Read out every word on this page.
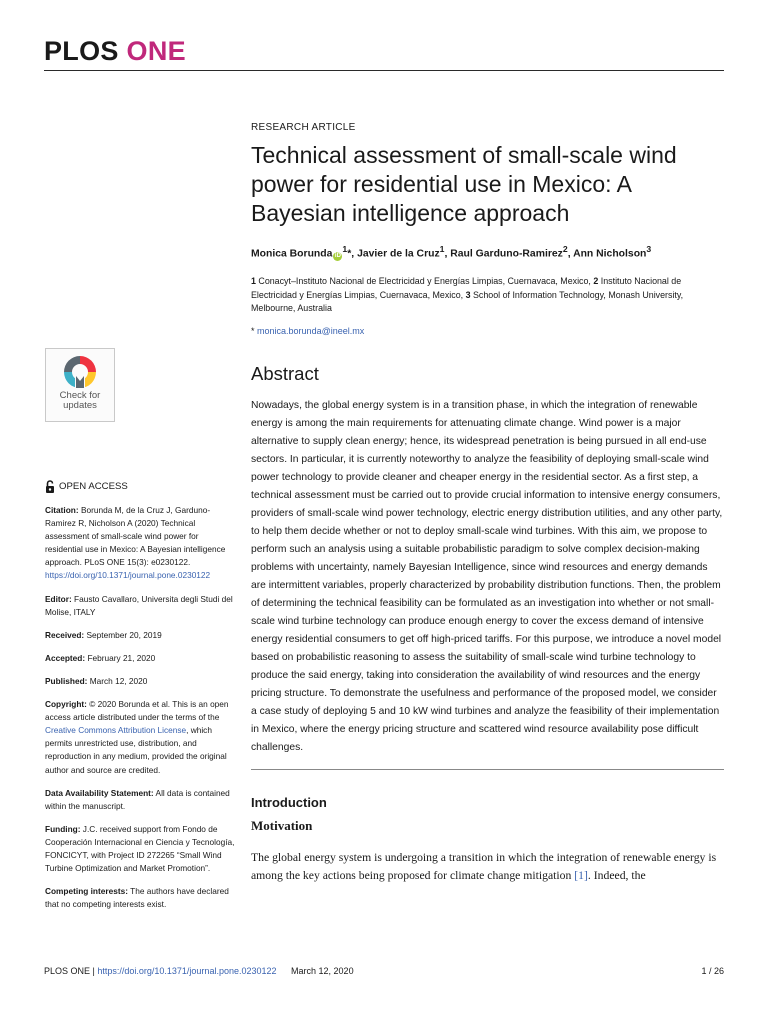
PLOS ONE
RESEARCH ARTICLE
Technical assessment of small-scale wind power for residential use in Mexico: A Bayesian intelligence approach
Monica Borunda $iD^1*$, Javier de la Cruz$^1$, Raul Garduno-Ramirez$^2$, Ann Nicholson$^3$
1 Conacyt–Instituto Nacional de Electricidad y Energías Limpias, Cuernavaca, Mexico, 2 Instituto Nacional de Electricidad y Energías Limpias, Cuernavaca, Mexico, 3 School of Information Technology, Monash University, Melbourne, Australia
* monica.borunda@ineel.mx
Abstract

Nowadays, the global energy system is in a transition phase, in which the integration of renewable energy is among the main requirements for attenuating climate change. Wind power is a major alternative to supply clean energy; hence, its widespread penetration is being pursued in all end-use sectors. In particular, it is currently noteworthy to analyze the feasibility of deploying small-scale wind power technology to provide cleaner and cheaper energy in the residential sector. As a first step, a technical assessment must be carried out to provide crucial information to intensive energy consumers, providers of small-scale wind power technology, electric energy distribution utilities, and any other party, to help them decide whether or not to deploy small-scale wind turbines. With this aim, we propose to perform such an analysis using a suitable probabilistic paradigm to solve complex decision-making problems with uncertainty, namely Bayesian Intelligence, since wind resources and energy demands are intermittent variables, properly characterized by probability distribution functions. Then, the problem of determining the technical feasibility can be formulated as an investigation into whether or not small-scale wind turbine technology can produce enough energy to cover the excess demand of intensive energy residential consumers to get off high-priced tariffs. For this purpose, we introduce a novel model based on probabilistic reasoning to assess the suitability of small-scale wind turbine technology to produce the said energy, taking into consideration the availability of wind resources and the energy pricing structure. To demonstrate the usefulness and performance of the proposed model, we consider a case study of deploying 5 and 10 kW wind turbines and analyze the feasibility of their implementation in Mexico, where the energy pricing structure and scattered wind resource availability pose difficult challenges.

Introduction
Motivation

The global energy system is undergoing a transition in which the integration of renewable energy is among the key actions being proposed for climate change mitigation [1]. Indeed, the

Check for
updates
OPEN ACCESS
Citation: Borunda M, de la Cruz J, Garduno-Ramirez R, Nicholson A (2020) Technical assessment of small-scale wind power for residential use in Mexico: A Bayesian intelligence approach. PLoS ONE 15(3): e0230122. https://doi.org/10.1371/journal.pone.0230122
Editor: Fausto Cavallaro, Universita degli Studi del Molise, ITALY
Received: September 20, 2019
Accepted: February 21, 2020
Published: March 12, 2020
Copyright: © 2020 Borunda et al. This is an open access article distributed under the terms of the Creative Commons Attribution License, which permits unrestricted use, distribution, and reproduction in any medium, provided the original author and source are credited.
Data Availability Statement: All data is contained within the manuscript.
Funding: J.C. received support from Fondo de Cooperación Internacional en Ciencia y Tecnología, FONCICYT, with Project ID 272265 “Small Wind Turbine Optimization and Market Promotion”.
Competing interests: The authors have declared that no competing interests exist.
PLOS ONE | https://doi.org/10.1371/journal.pone.0230122 March 12, 2020	1 / 26
